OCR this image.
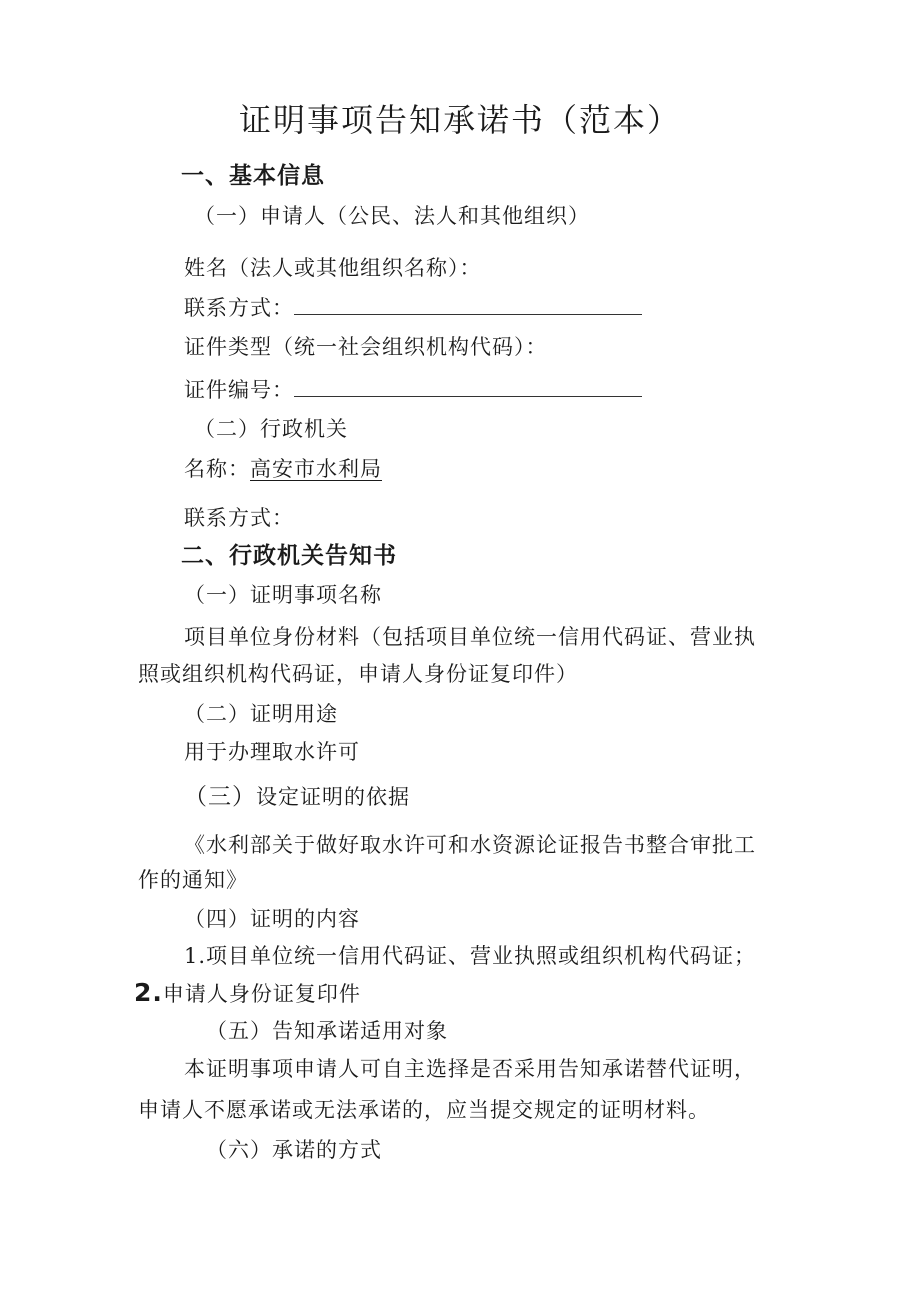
证明事项告知承诺书（范本）
一、基本信息
（一）申请人（公民、法人和其他组织）
姓名（法人或其他组织名称）：
联系方式：
证件类型（统一社会组织机构代码）：
证件编号：
（二）行政机关
名称：高安市水利局
联系方式：
二、行政机关告知书
（一）证明事项名称
项目单位身份材料（包括项目单位统一信用代码证、营业执
照或组织机构代码证，申请人身份证复印件）
（二）证明用途
用于办理取水许可
（三）设定证明的依据
《水利部关于做好取水许可和水资源论证报告书整合审批工
作的通知》
（四）证明的内容
1.项目单位统一信用代码证、营业执照或组织机构代码证；
2.申请人身份证复印件
（五）告知承诺适用对象
本证明事项申请人可自主选择是否采用告知承诺替代证明，
申请人不愿承诺或无法承诺的，应当提交规定的证明材料。
（六）承诺的方式
